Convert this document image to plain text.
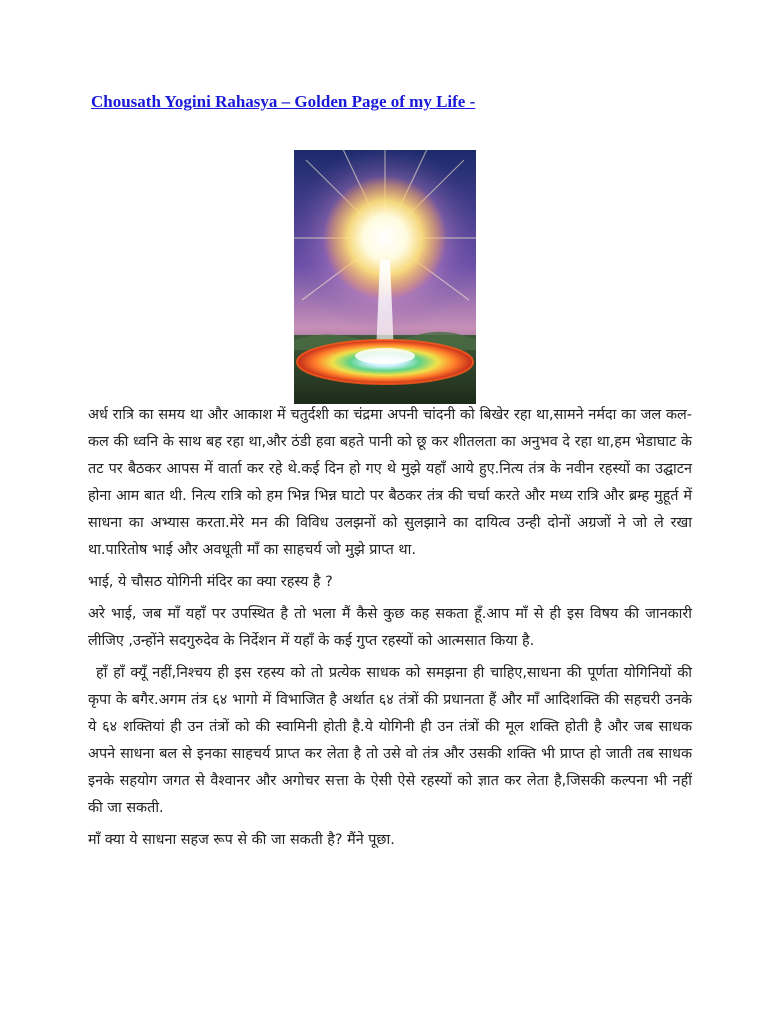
Chousath Yogini Rahasya – Golden Page of my Life -

अर्ध रात्रि का समय था और आकाश में चतुर्दशी का चंद्रमा अपनी चांदनी को बिखेर रहा था,सामने नर्मदा का जल कल-कल की ध्वनि के साथ बह रहा था,और ठंडी हवा बहते पानी को छू कर शीतलता का अनुभव दे रहा था,हम भेडाघाट के तट पर बैठकर आपस में वार्ता कर रहे थे.कई दिन हो गए थे मुझे यहाँ आये हुए.नित्य तंत्र के नवीन रहस्यों का उद्घाटन होना आम बात थी. नित्य रात्रि को हम भिन्न भिन्न घाटो पर बैठकर तंत्र की चर्चा करते और मध्य रात्रि और ब्रम्ह मुहूर्त में साधना का अभ्यास करता.मेरे मन की विविध उलझनों को सुलझाने का दायित्व उन्ही दोनों अग्रजों ने जो ले रखा था.पारितोष भाई और अवधूती माँ का साहचर्य जो मुझे प्राप्त था.

भाई, ये चौसठ योगिनी मंदिर का क्या रहस्य है ?

अरे भाई, जब माँ यहाँ पर उपस्थित है तो भला मैं कैसे कुछ कह सकता हूँ.आप माँ से ही इस विषय की जानकारी लीजिए ,उन्होंने सदगुरुदेव के निर्देशन में यहाँ के कई गुप्त रहस्यों को आत्मसात किया है.

हाँ हाँ क्यूँ नहीं,निश्चय ही इस रहस्य को तो प्रत्येक साधक को समझना ही चाहिए,साधना की पूर्णता योगिनियों की कृपा के बगैर.अगम तंत्र ६४ भागो में विभाजित है अर्थात ६४ तंत्रों की प्रधानता हैं और माँ आदिशक्ति की सहचरी उनके ये ६४ शक्तियां ही उन तंत्रों को की स्वामिनी होती है.ये योगिनी ही उन तंत्रों की मूल शक्ति होती है और जब साधक अपने साधना बल से इनका साहचर्य प्राप्त कर लेता है तो उसे वो तंत्र और उसकी शक्ति भी प्राप्त हो जाती तब साधक इनके सहयोग जगत से वैश्वानर और अगोचर सत्ता के ऐसी ऐसे रहस्यों को ज्ञात कर लेता है,जिसकी कल्पना भी नहीं की जा सकती.

माँ क्या ये साधना सहज रूप से की जा सकती है? मैंने पूछा.
